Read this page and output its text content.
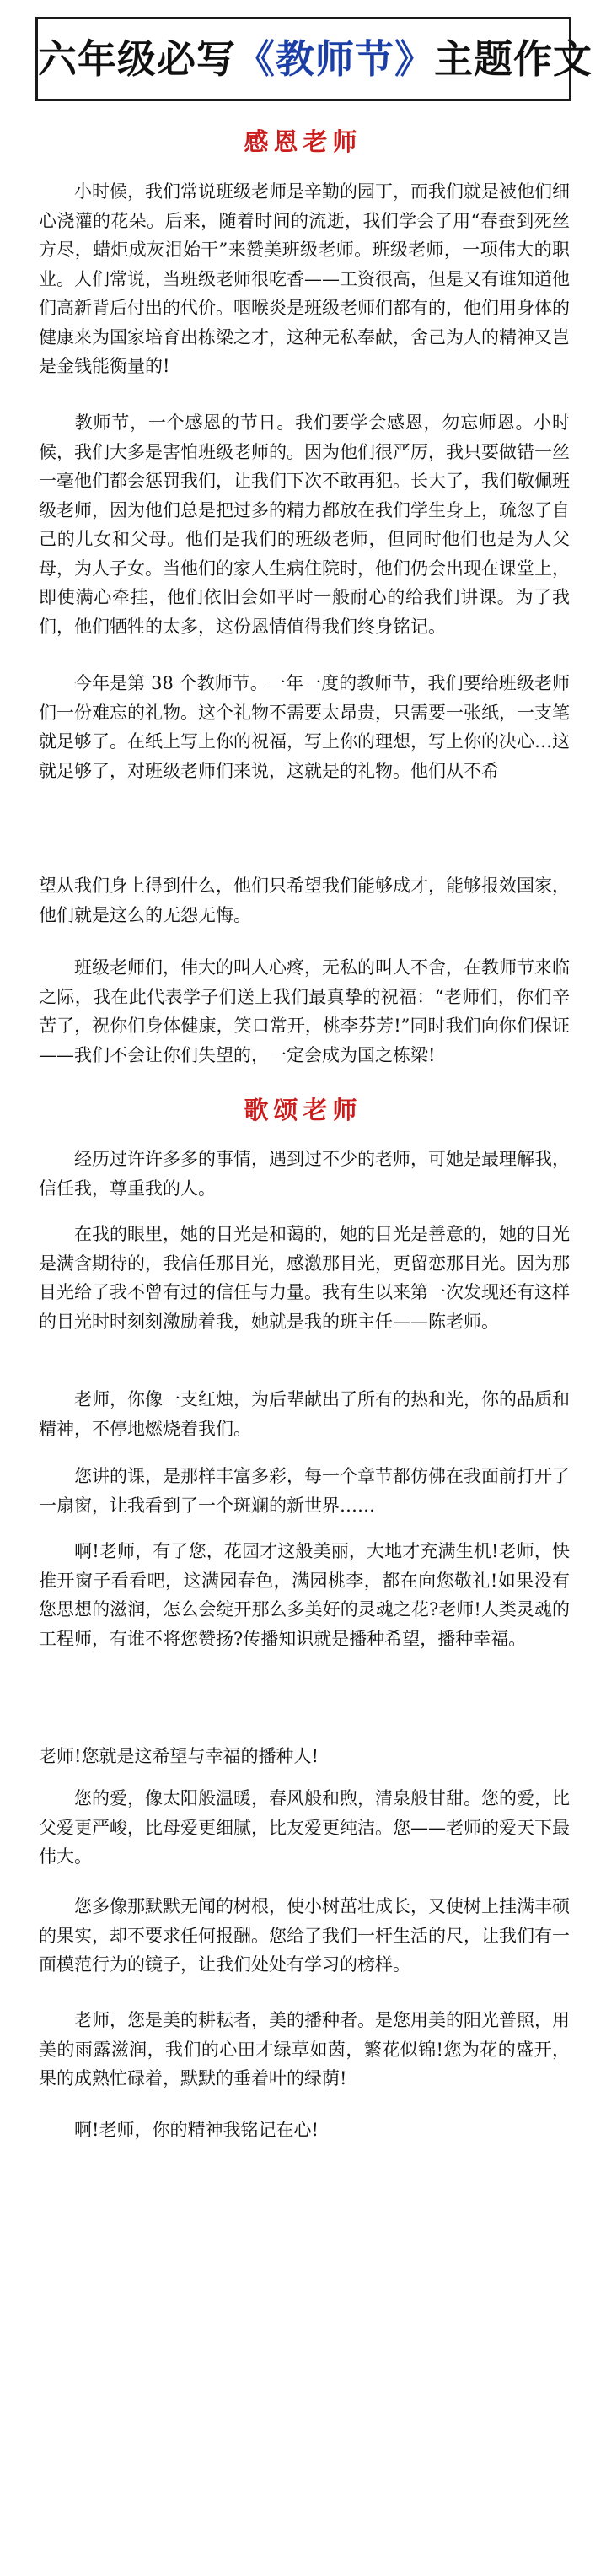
六年级必写《教师节》主题作文
感恩老师

小时候，我们常说班级老师是辛勤的园丁，而我们就是被他们细心浇灌的花朵。后来，随着时间的流逝，我们学会了用“春蚕到死丝方尽，蜡炬成灰泪始干”来赞美班级老师。班级老师，一项伟大的职业。人们常说，当班级老师很吃香——工资很高，但是又有谁知道他们高新背后付出的代价。咽喉炎是班级老师们都有的，他们用身体的健康来为国家培育出栋梁之才，这种无私奉献，舍己为人的精神又岂是金钱能衡量的!

教师节，一个感恩的节日。我们要学会感恩，勿忘师恩。小时候，我们大多是害怕班级老师的。因为他们很严厉，我只要做错一丝一毫他们都会惩罚我们，让我们下次不敢再犯。长大了，我们敬佩班级老师，因为他们总是把过多的精力都放在我们学生身上，疏忽了自己的儿女和父母。他们是我们的班级老师，但同时他们也是为人父母，为人子女。当他们的家人生病住院时，他们仍会出现在课堂上，即使满心牵挂，他们依旧会如平时一般耐心的给我们讲课。为了我们，他们牺牲的太多，这份恩情值得我们终身铭记。

今年是第 38 个教师节。一年一度的教师节，我们要给班级老师们一份难忘的礼物。这个礼物不需要太昂贵，只需要一张纸，一支笔就足够了。在纸上写上你的祝福，写上你的理想，写上你的决心…这就足够了，对班级老师们来说，这就是的礼物。他们从不希

望从我们身上得到什么，他们只希望我们能够成才，能够报效国家，他们就是这么的无怨无悔。

班级老师们，伟大的叫人心疼，无私的叫人不舍，在教师节来临之际，我在此代表学子们送上我们最真挚的祝福：“老师们，你们辛苦了，祝你们身体健康，笑口常开，桃李芬芳!”同时我们向你们保证——我们不会让你们失望的，一定会成为国之栋梁!

歌颂老师

经历过许许多多的事情，遇到过不少的老师，可她是最理解我，信任我，尊重我的人。

在我的眼里，她的目光是和蔼的，她的目光是善意的，她的目光是满含期待的，我信任那目光，感激那目光，更留恋那目光。因为那目光给了我不曾有过的信任与力量。我有生以来第一次发现还有这样的目光时时刻刻激励着我，她就是我的班主任——陈老师。

老师，你像一支红烛，为后辈献出了所有的热和光，你的品质和精神，不停地燃烧着我们。

您讲的课，是那样丰富多彩，每一个章节都仿佛在我面前打开了一扇窗，让我看到了一个斑斓的新世界……

啊!老师，有了您，花园才这般美丽，大地才充满生机!老师，快推开窗子看看吧，这满园春色，满园桃李，都在向您敬礼!如果没有您思想的滋润，怎么会绽开那么多美好的灵魂之花?老师!人类灵魂的工程师，有谁不将您赞扬?传播知识就是播种希望，播种幸福。

老师!您就是这希望与幸福的播种人!

您的爱，像太阳般温暖，春风般和煦，清泉般甘甜。您的爱，比父爱更严峻，比母爱更细腻，比友爱更纯洁。您——老师的爱天下最伟大。

您多像那默默无闻的树根，使小树茁壮成长，又使树上挂满丰硕的果实，却不要求任何报酬。您给了我们一杆生活的尺，让我们有一面模范行为的镜子，让我们处处有学习的榜样。

老师，您是美的耕耘者，美的播种者。是您用美的阳光普照，用美的雨露滋润，我们的心田才绿草如茵，繁花似锦!您为花的盛开，果的成熟忙碌着，默默的垂着叶的绿荫!

啊!老师，你的精神我铭记在心!
